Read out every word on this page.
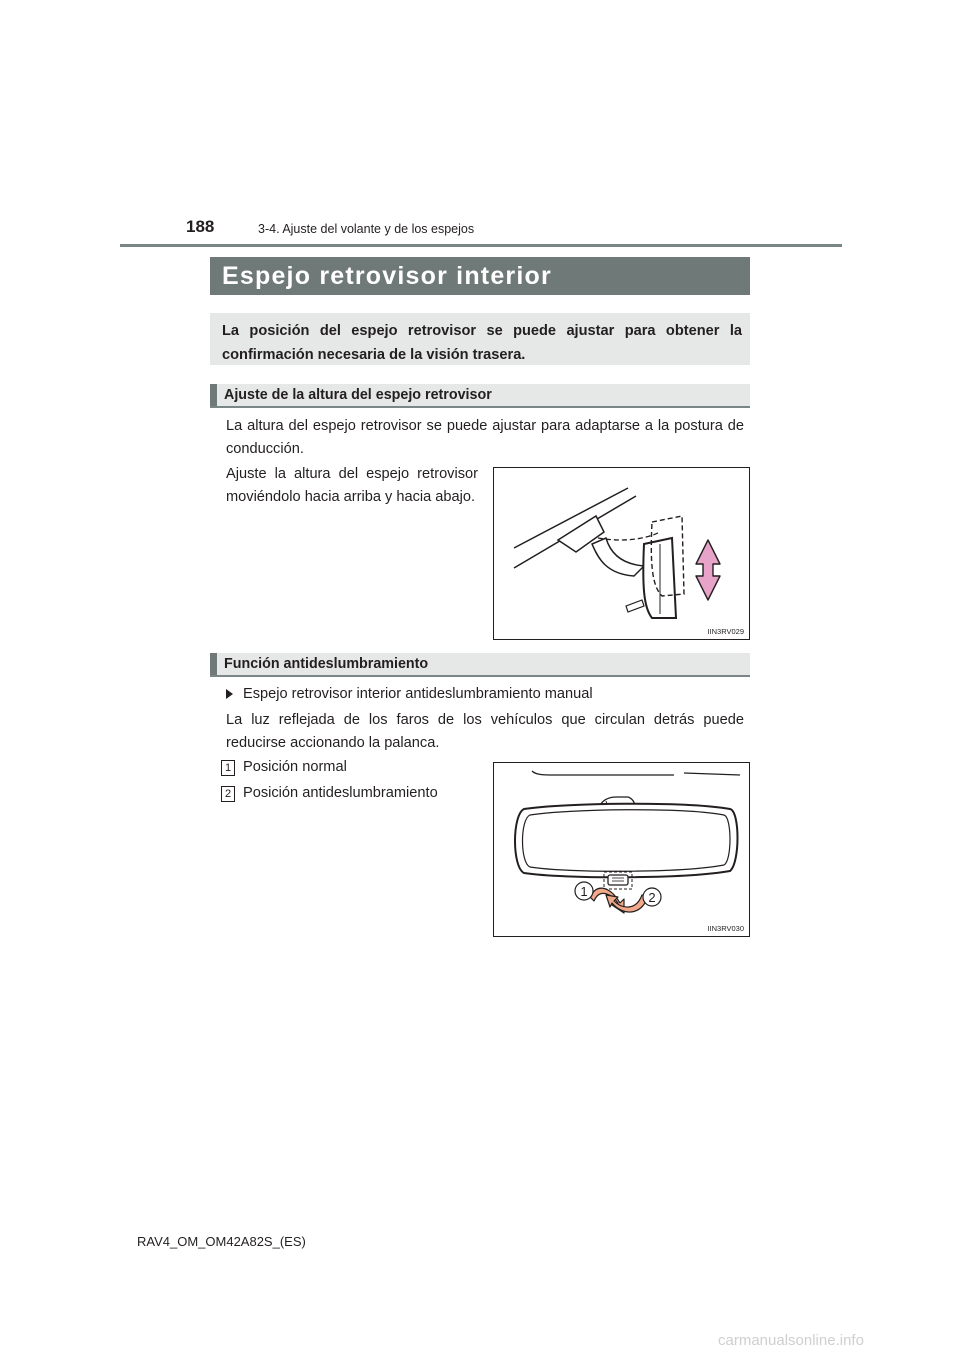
188	3-4. Ajuste del volante y de los espejos
Espejo retrovisor interior
La posición del espejo retrovisor se puede ajustar para obtener la confirmación necesaria de la visión trasera.
Ajuste de la altura del espejo retrovisor
La altura del espejo retrovisor se puede ajustar para adaptarse a la postura de conducción.
Ajuste la altura del espejo retrovisor moviéndolo hacia arriba y hacia abajo.
IIN3RV029
Función antideslumbramiento
Espejo retrovisor interior antideslumbramiento manual
La luz reflejada de los faros de los vehículos que circulan detrás puede reducirse accionando la palanca.
1 Posición normal
2 Posición antideslumbramiento
1	2
IIN3RV030
RAV4_OM_OM42A82S_(ES)
carmanualsonline.info
